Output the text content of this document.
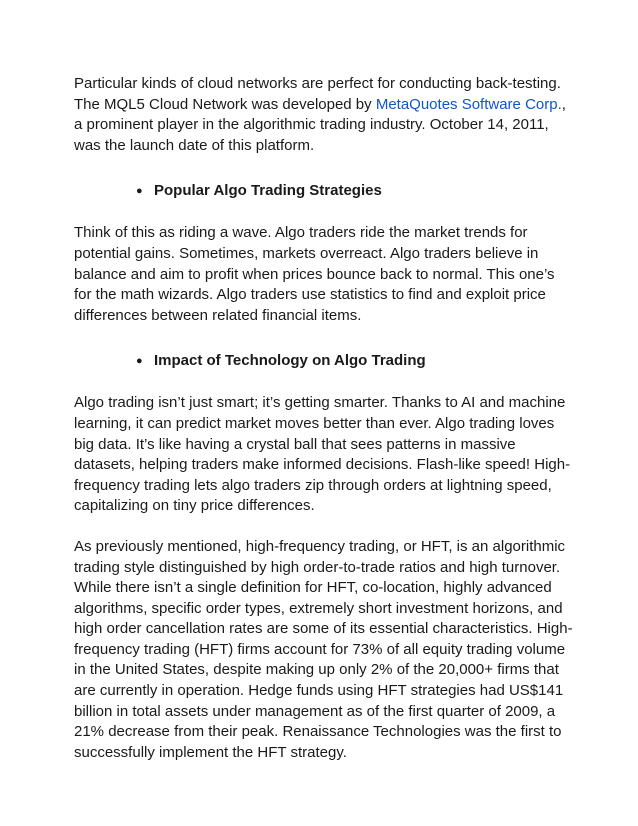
Particular kinds of cloud networks are perfect for conducting back-testing. The MQL5 Cloud Network was developed by MetaQuotes Software Corp., a prominent player in the algorithmic trading industry. October 14, 2011, was the launch date of this platform.

● Popular Algo Trading Strategies

Think of this as riding a wave. Algo traders ride the market trends for potential gains. Sometimes, markets overreact. Algo traders believe in balance and aim to profit when prices bounce back to normal. This one’s for the math wizards. Algo traders use statistics to find and exploit price differences between related financial items.

● Impact of Technology on Algo Trading

Algo trading isn’t just smart; it’s getting smarter. Thanks to AI and machine learning, it can predict market moves better than ever. Algo trading loves big data. It’s like having a crystal ball that sees patterns in massive datasets, helping traders make informed decisions. Flash-like speed! High-frequency trading lets algo traders zip through orders at lightning speed, capitalizing on tiny price differences.

As previously mentioned, high-frequency trading, or HFT, is an algorithmic trading style distinguished by high order-to-trade ratios and high turnover. While there isn’t a single definition for HFT, co-location, highly advanced algorithms, specific order types, extremely short investment horizons, and high order cancellation rates are some of its essential characteristics. High-frequency trading (HFT) firms account for 73% of all equity trading volume in the United States, despite making up only 2% of the 20,000+ firms that are currently in operation. Hedge funds using HFT strategies had US$141 billion in total assets under management as of the first quarter of 2009, a 21% decrease from their peak. Renaissance Technologies was the first to successfully implement the HFT strategy.
